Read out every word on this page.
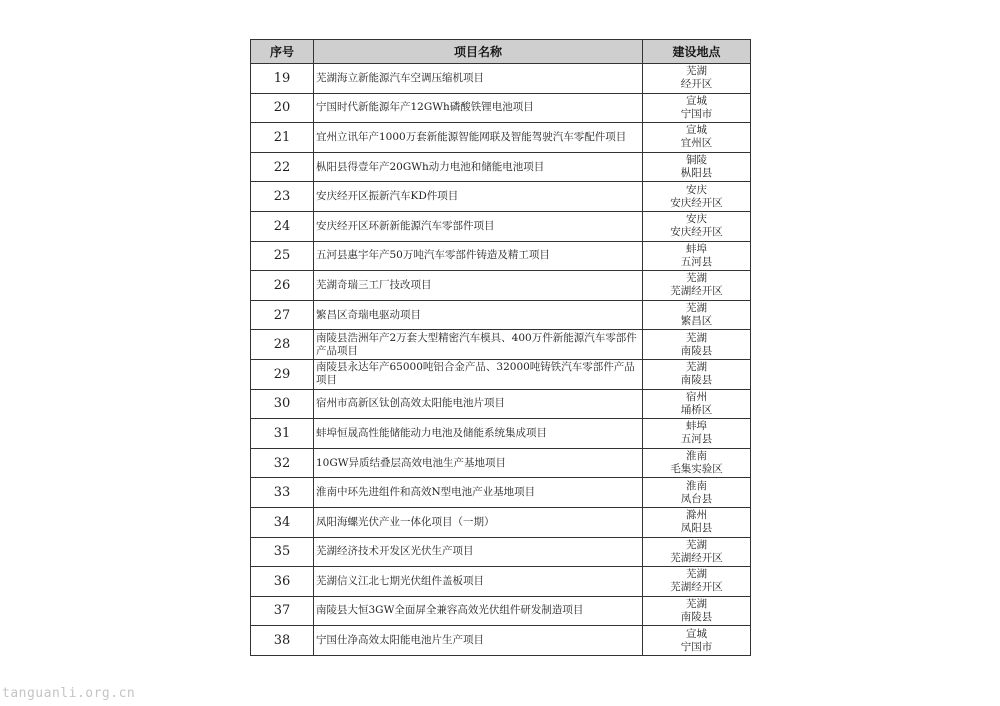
序号	项目名称	建设地点
19	芜湖海立新能源汽车空调压缩机项目	芜湖
经开区

20	宁国时代新能源年产12GWh磷酸铁锂电池项目	宣城
宁国市

21	宜州立讯年产1000万套新能源智能网联及智能驾驶汽车零配件项目	宣城
宜州区

22	枞阳县得壹年产20GWh动力电池和储能电池项目	铜陵
枞阳县

23	安庆经开区振新汽车KD件项目	安庆
安庆经开区

24	安庆经开区环新新能源汽车零部件项目	安庆
安庆经开区

25	五河县惠宇年产50万吨汽车零部件铸造及精工项目	蚌埠
五河县

26	芜湖奇瑞三工厂技改项目	芜湖
芜湖经开区

27	繁昌区奇瑞电驱动项目	芜湖
繁昌区

28	南陵县浩洲年产2万套大型精密汽车模具、400万件新能源汽车零部件产品项目	芜湖
南陵县

29	南陵县永达年产65000吨铝合金产品、32000吨铸铁汽车零部件产品项目	芜湖
南陵县

30	宿州市高新区钛创高效太阳能电池片项目	宿州
埇桥区

31	蚌埠恒晟高性能储能动力电池及储能系统集成项目	蚌埠
五河县

32	10GW异质结叠层高效电池生产基地项目	淮南
毛集实验区

33	淮南中环先进组件和高效N型电池产业基地项目	淮南
凤台县

34	凤阳海螺光伏产业一体化项目（一期）	滁州
凤阳县

35	芜湖经济技术开发区光伏生产项目	芜湖
芜湖经开区

36	芜湖信义江北七期光伏组件盖板项目	芜湖
芜湖经开区

37	南陵县大恒3GW全面屏全兼容高效光伏组件研发制造项目	芜湖
南陵县

38	宁国仕净高效太阳能电池片生产项目	宣城
宁国市
tanguanli.org.cn
